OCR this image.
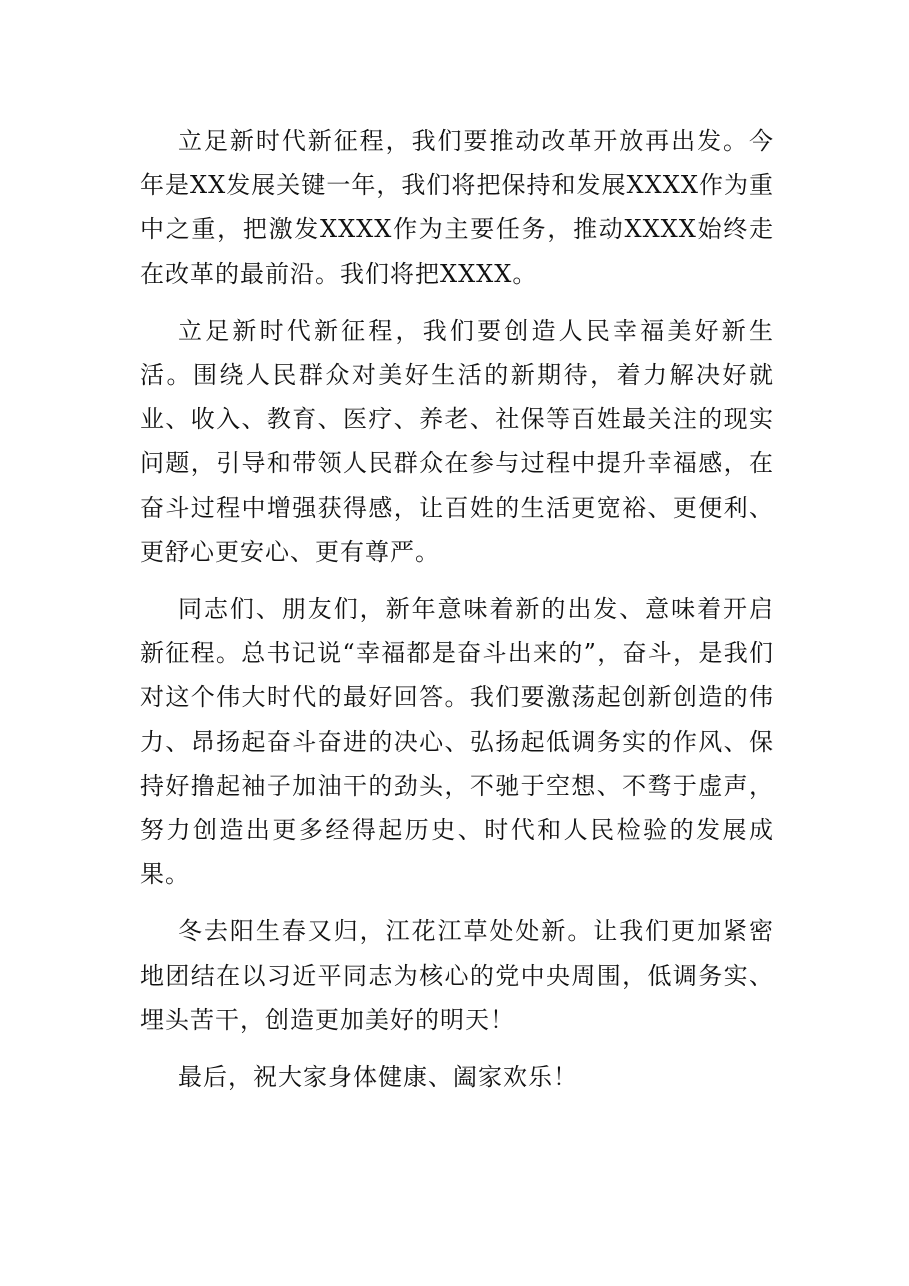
立足新时代新征程，我们要推动改革开放再出发。今年是XX发展关键一年，我们将把保持和发展XXXX作为重中之重，把激发XXXX作为主要任务，推动XXXX始终走在改革的最前沿。我们将把XXXX。

立足新时代新征程，我们要创造人民幸福美好新生活。围绕人民群众对美好生活的新期待，着力解决好就业、收入、教育、医疗、养老、社保等百姓最关注的现实问题，引导和带领人民群众在参与过程中提升幸福感，在奋斗过程中增强获得感，让百姓的生活更宽裕、更便利、更舒心更安心、更有尊严。

同志们、朋友们，新年意味着新的出发、意味着开启新征程。总书记说“幸福都是奋斗出来的”，奋斗，是我们对这个伟大时代的最好回答。我们要激荡起创新创造的伟力、昂扬起奋斗奋进的决心、弘扬起低调务实的作风、保持好撸起袖子加油干的劲头，不驰于空想、不骛于虚声，努力创造出更多经得起历史、时代和人民检验的发展成果。

冬去阳生春又归，江花江草处处新。让我们更加紧密地团结在以习近平同志为核心的党中央周围，低调务实、埋头苦干，创造更加美好的明天！

最后，祝大家身体健康、阖家欢乐！
